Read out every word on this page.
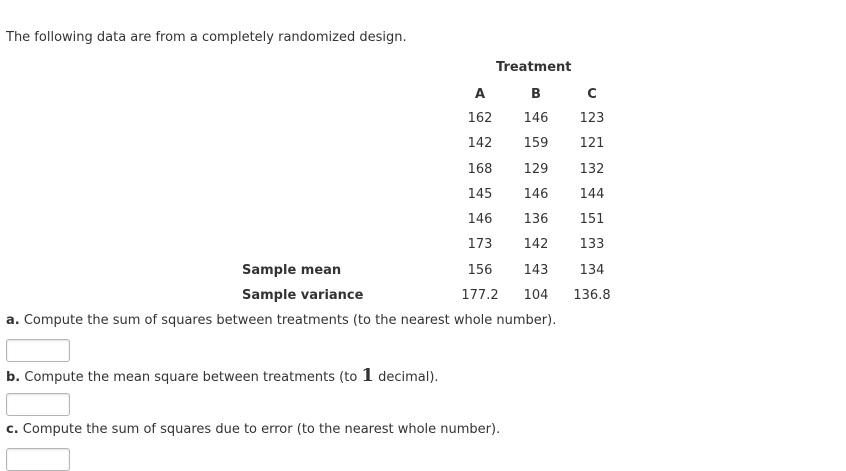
The following data are from a completely randomized design.

Treatment
A	B	C
162	146	123
142	159	121
168	129	132
145	146	144
146	136	151
173	142	133
Sample mean	156	143	134
Sample variance	177.2	104	136.8
a. Compute the sum of squares between treatments (to the nearest whole number).
b. Compute the mean square between treatments (to 1 decimal).
c. Compute the sum of squares due to error (to the nearest whole number).
